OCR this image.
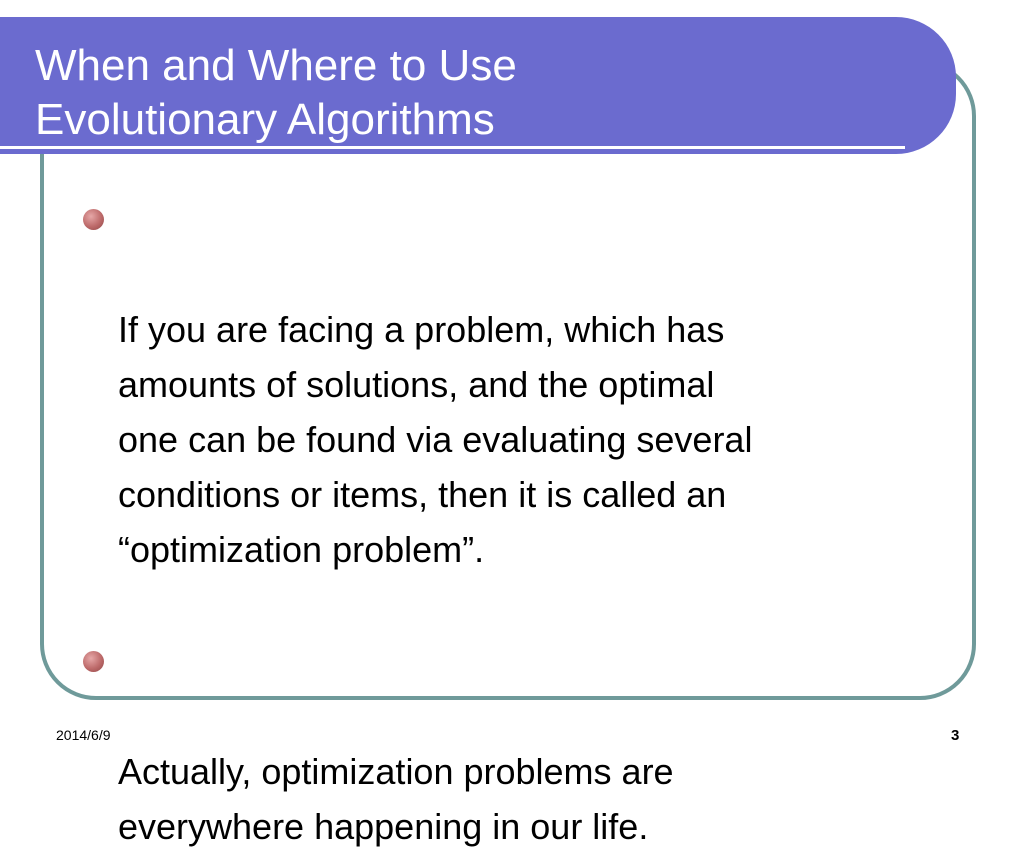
When and Where to Use
Evolutionary Algorithms

If you are facing a problem, which has
amounts of solutions, and the optimal
one can be found via evaluating several
conditions or items, then it is called an
“optimization problem”.

Actually, optimization problems are
everywhere happening in our life.

2014/6/9	3
